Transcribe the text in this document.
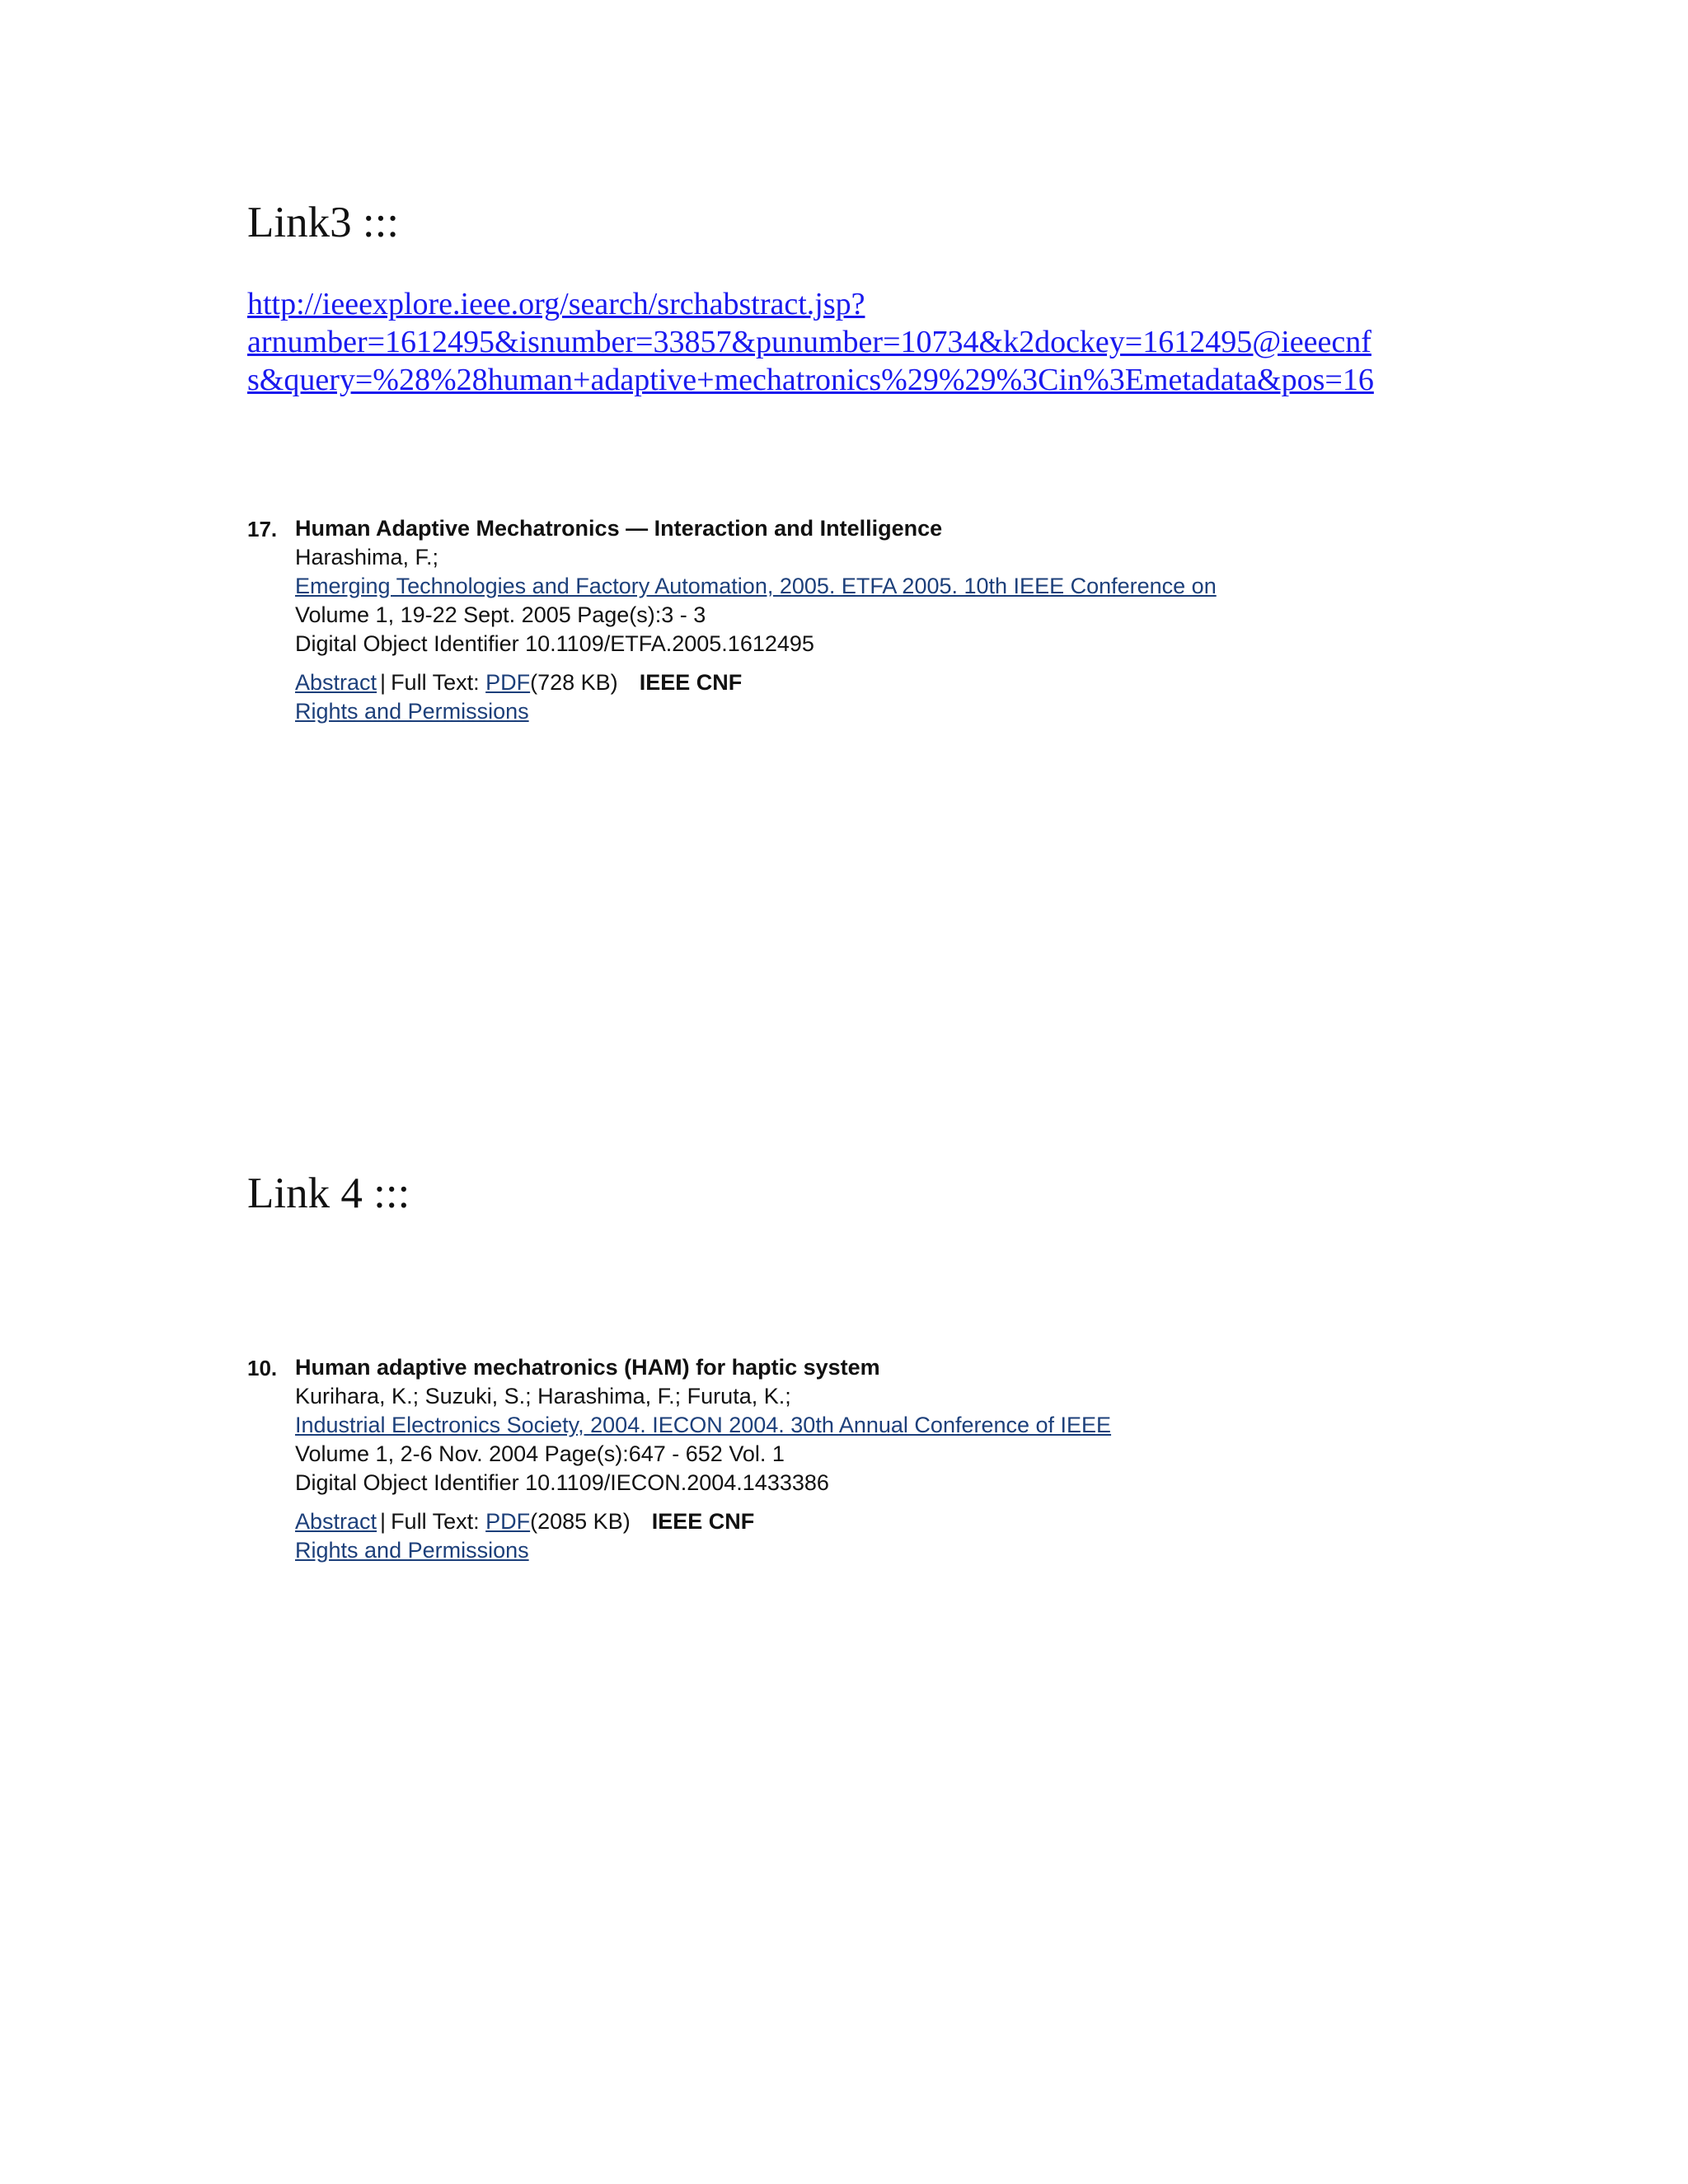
Link3 :::
http://ieeexplore.ieee.org/search/srchabstract.jsp?
arnumber=1612495&isnumber=33857&punumber=10734&k2dockey=1612495@ieeecnf
s&query=%28%28human+adaptive+mechatronics%29%29%3Cin%3Emetadata&pos=16
17. Human Adaptive Mechatronics — Interaction and Intelligence
Harashima, F.;
Emerging Technologies and Factory Automation, 2005. ETFA 2005. 10th IEEE Conference on
Volume 1, 19-22 Sept. 2005 Page(s):3 - 3
Digital Object Identifier 10.1109/ETFA.2005.1612495
Abstract | Full Text: PDF(728 KB) IEEE CNF
Rights and Permissions
Link 4 :::
10. Human adaptive mechatronics (HAM) for haptic system
Kurihara, K.; Suzuki, S.; Harashima, F.; Furuta, K.;
Industrial Electronics Society, 2004. IECON 2004. 30th Annual Conference of IEEE
Volume 1, 2-6 Nov. 2004 Page(s):647 - 652 Vol. 1
Digital Object Identifier 10.1109/IECON.2004.1433386
Abstract | Full Text: PDF(2085 KB) IEEE CNF
Rights and Permissions
